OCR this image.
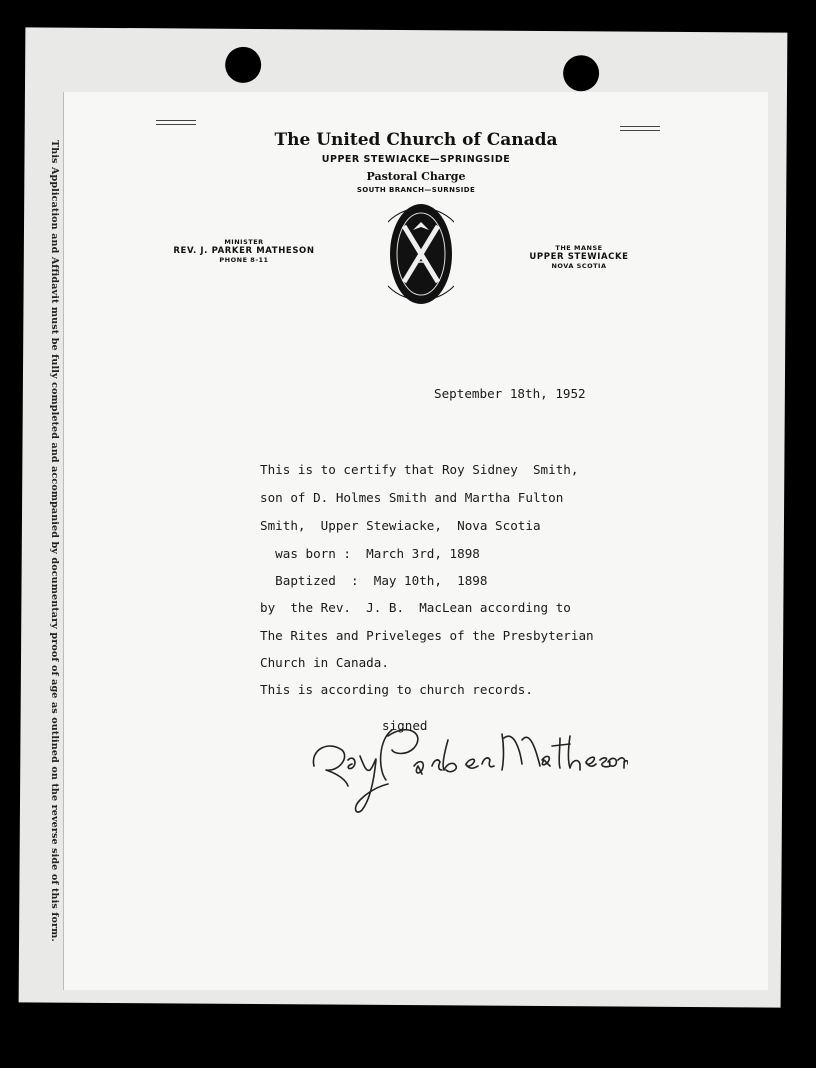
This Application and Affidavit must be fully completed and accompanied by documentary proof of age as outlined on the reverse side of this form.
	The United Church of Canada
UPPER STEWIACKE—SPRINGSIDE
Pastoral Charge
SOUTH BRANCH—SURNSIDE
MINISTER
REV. J. PARKER MATHESON
PHONE 8-11
THE MANSE
UPPER STEWIACKE
NOVA SCOTIA
September 18th, 1952
This is to certify that Roy Sidney  Smith,
son of D. Holmes Smith and Martha Fulton
Smith,  Upper Stewiacke,  Nova Scotia
was born :  March 3rd, 1898
Baptized  :  May 10th,  1898
by  the Rev.  J. B.  MacLean according to
The Rites and Priveleges of the Presbyterian
Church in Canada.
This is according to church records.
signed
